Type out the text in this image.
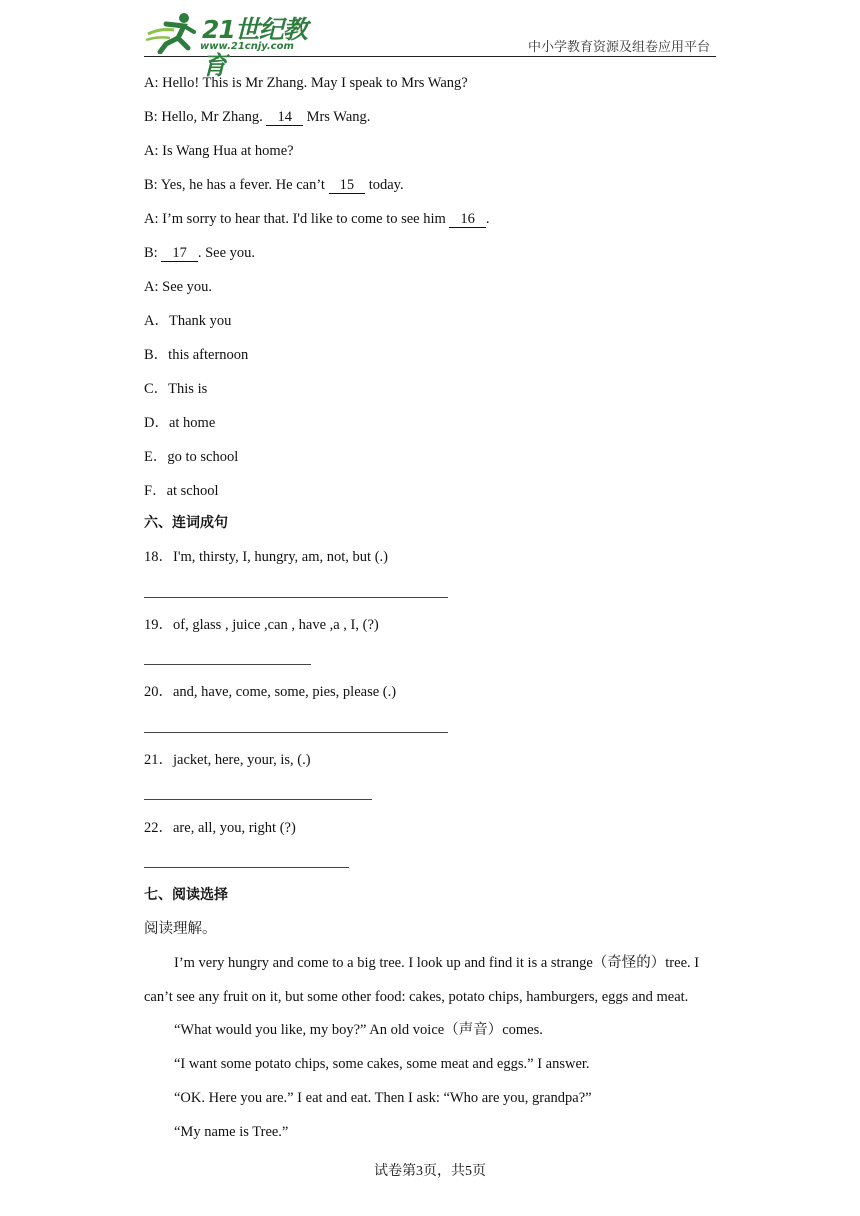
21世纪教育
www.21cnjy.com	中小学教育资源及组卷应用平台
A: Hello! This is Mr Zhang. May I speak to Mrs Wang?
B: Hello, Mr Zhang. 14 Mrs Wang.
A: Is Wang Hua at home?
B: Yes, he has a fever. He can’t 15 today.
A: I’m sorry to hear that. I'd like to come to see him 16 .
B: 17 . See you.
A: See you.
A．Thank you
B．this afternoon
C．This is
D．at home
E．go to school
F．at school
六、连词成句
18．I'm, thirsty, I, hungry, am, not, but (.)
19．of, glass , juice ,can , have ,a , I, (?)
20．and, have, come, some, pies, please (.)
21．jacket, here, your, is, (.)
22．are, all, you, right (?)
七、阅读选择
阅读理解。
I’m very hungry and come to a big tree. I look up and find it is a strange（奇怪的）tree. I
can’t see any fruit on it, but some other food: cakes, potato chips, hamburgers, eggs and meat.
“What would you like, my boy?” An old voice（声音）comes.
“I want some potato chips, some cakes, some meat and eggs.” I answer.
“OK. Here you are.” I eat and eat. Then I ask: “Who are you, grandpa?”
“My name is Tree.”
试卷第3页，共5页
